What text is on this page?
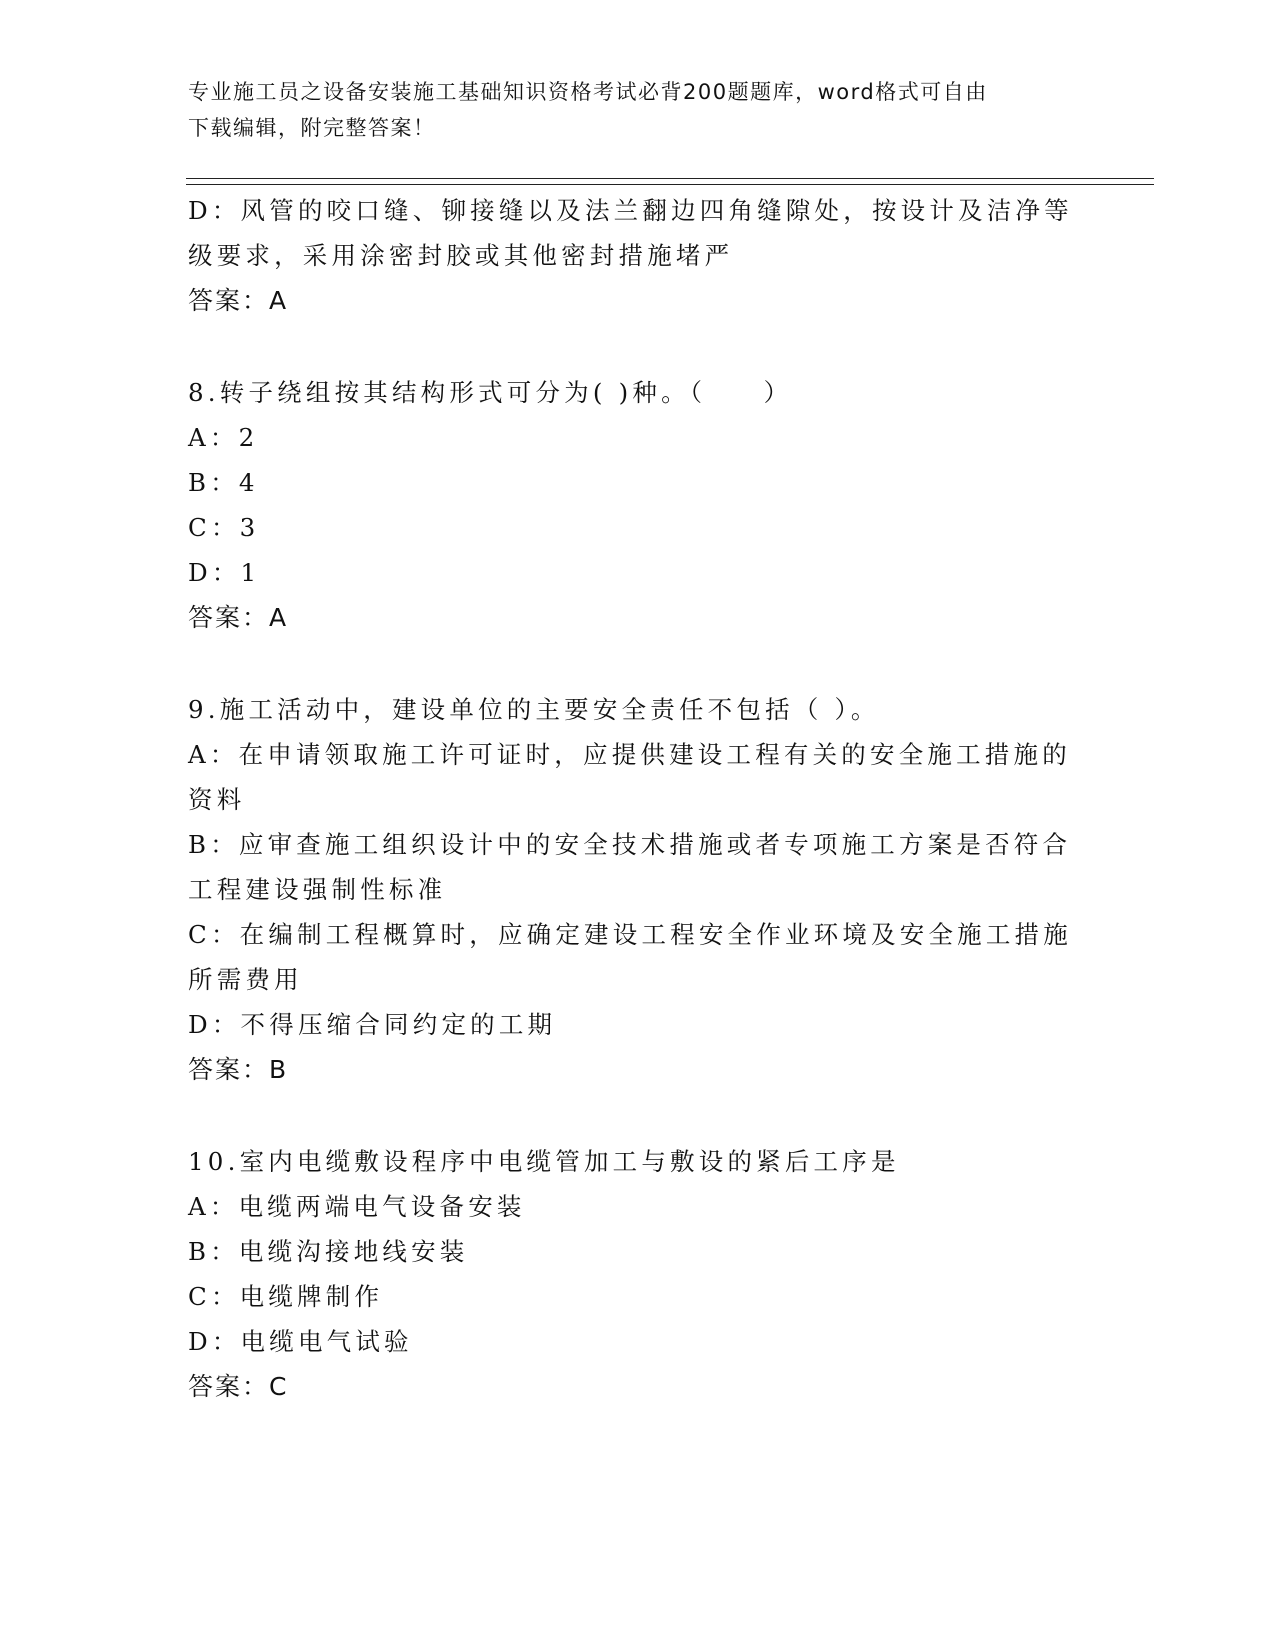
专业施工员之设备安装施工基础知识资格考试必背200题题库，word格式可自由
下载编辑，附完整答案！
D：风管的咬口缝、铆接缝以及法兰翻边四角缝隙处，按设计及洁净等
级要求，采用涂密封胶或其他密封措施堵严
答案：A
8.转子绕组按其结构形式可分为( )种。（　　）
A：2
B：4
C：3
D：1
答案：A
9.施工活动中，建设单位的主要安全责任不包括（ ）。
A：在申请领取施工许可证时，应提供建设工程有关的安全施工措施的
资料
B：应审查施工组织设计中的安全技术措施或者专项施工方案是否符合
工程建设强制性标准
C：在编制工程概算时，应确定建设工程安全作业环境及安全施工措施
所需费用
D：不得压缩合同约定的工期
答案：B
10.室内电缆敷设程序中电缆管加工与敷设的紧后工序是
A：电缆两端电气设备安装
B：电缆沟接地线安装
C：电缆牌制作
D：电缆电气试验
答案：C
